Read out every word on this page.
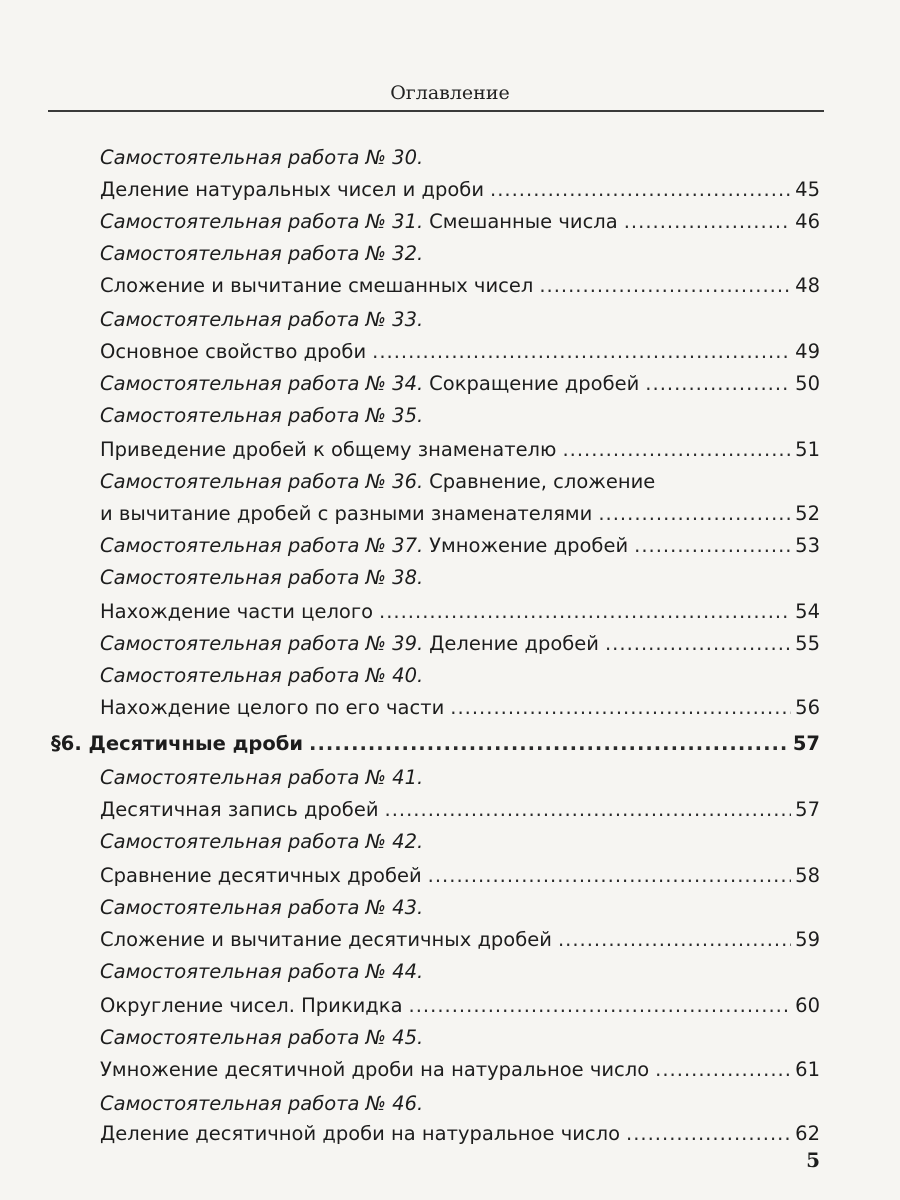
Оглавление
Самостоятельная работа № 30.
Деление натуральных чисел и дроби .....	45
Самостоятельная работа № 31. Смешанные числа .....	46
Самостоятельная работа № 32.
Сложение и вычитание смешанных чисел .....	48
Самостоятельная работа № 33.
Основное свойство дроби .....	49
Самостоятельная работа № 34. Сокращение дробей .....	50
Самостоятельная работа № 35.
Приведение дробей к общему знаменателю .....	51
Самостоятельная работа № 36. Сравнение, сложение
и вычитание дробей с разными знаменателями .....	52
Самостоятельная работа № 37. Умножение дробей .....	53
Самостоятельная работа № 38.
Нахождение части целого .....	54
Самостоятельная работа № 39. Деление дробей .....	55
Самостоятельная работа № 40.
Нахождение целого по его части .....	56
§6. Десятичные дроби .....	57
Самостоятельная работа № 41.
Десятичная запись дробей .....	57
Самостоятельная работа № 42.
Сравнение десятичных дробей .....	58
Самостоятельная работа № 43.
Сложение и вычитание десятичных дробей .....	59
Самостоятельная работа № 44.
Округление чисел. Прикидка .....	60
Самостоятельная работа № 45.
Умножение десятичной дроби на натуральное число .....	61
Самостоятельная работа № 46.
Деление десятичной дроби на натуральное число .....	62
5
